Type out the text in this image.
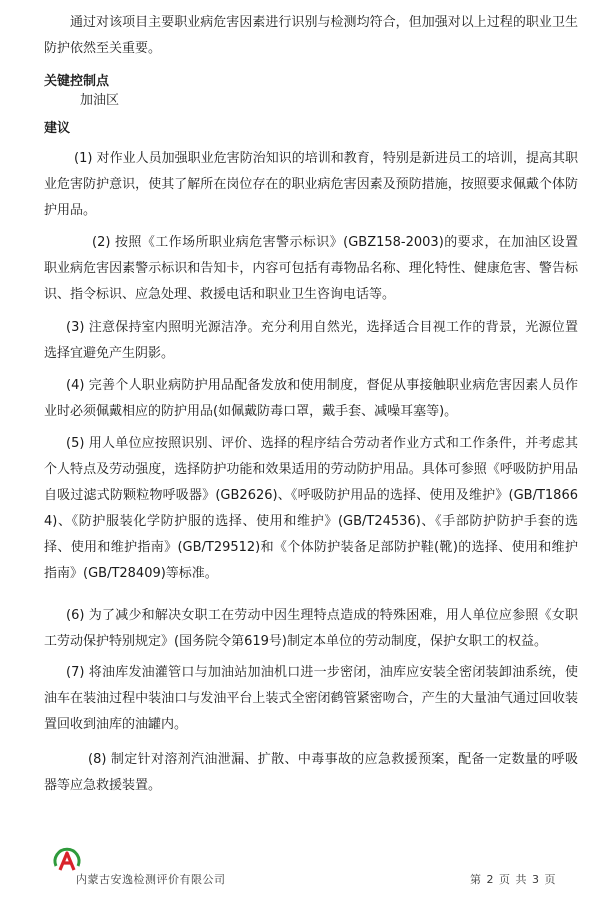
通过对该项目主要职业病危害因素进行识别与检测均符合，但加强对以上过程的职业卫生防护依然至关重要。

关键控制点

加油区

建议

(1) 对作业人员加强职业危害防治知识的培训和教育，特别是新进员工的培训，提高其职业危害防护意识，使其了解所在岗位存在的职业病危害因素及预防措施，按照要求佩戴个体防护用品。

(2) 按照《工作场所职业病危害警示标识》(GBZ158-2003)的要求，在加油区设置职业病危害因素警示标识和告知卡，内容可包括有毒物品名称、理化特性、健康危害、警告标识、指令标识、应急处理、救援电话和职业卫生咨询电话等。

(3) 注意保持室内照明光源洁净。充分利用自然光，选择适合目视工作的背景，光源位置选择宜避免产生阴影。

(4) 完善个人职业病防护用品配备发放和使用制度，督促从事接触职业病危害因素人员作业时必须佩戴相应的防护用品(如佩戴防毒口罩，戴手套、减噪耳塞等)。

(5) 用人单位应按照识别、评价、选择的程序结合劳动者作业方式和工作条件，并考虑其个人特点及劳动强度，选择防护功能和效果适用的劳动防护用品。具体可参照《呼吸防护用品自吸过滤式防颗粒物呼吸器》(GB2626)、《呼吸防护用品的选择、使用及维护》(GB/T18664)、《防护服装化学防护服的选择、使用和维护》(GB/T24536)、《手部防护防护手套的选择、使用和维护指南》(GB/T29512)和《个体防护装备足部防护鞋(靴)的选择、使用和维护指南》(GB/T28409)等标准。

(6) 为了减少和解决女职工在劳动中因生理特点造成的特殊困难，用人单位应参照《女职工劳动保护特别规定》(国务院令第619号)制定本单位的劳动制度，保护女职工的权益。

(7) 将油库发油灌管口与加油站加油机口进一步密闭，油库应安装全密闭装卸油系统，使油车在装油过程中装油口与发油平台上装式全密闭鹤管紧密吻合，产生的大量油气通过回收装置回收到油库的油罐内。

(8) 制定针对溶剂汽油泄漏、扩散、中毒事故的应急救援预案，配备一定数量的呼吸器等应急救援装置。

内蒙古安逸检测评价有限公司	第 2 页 共 3 页
